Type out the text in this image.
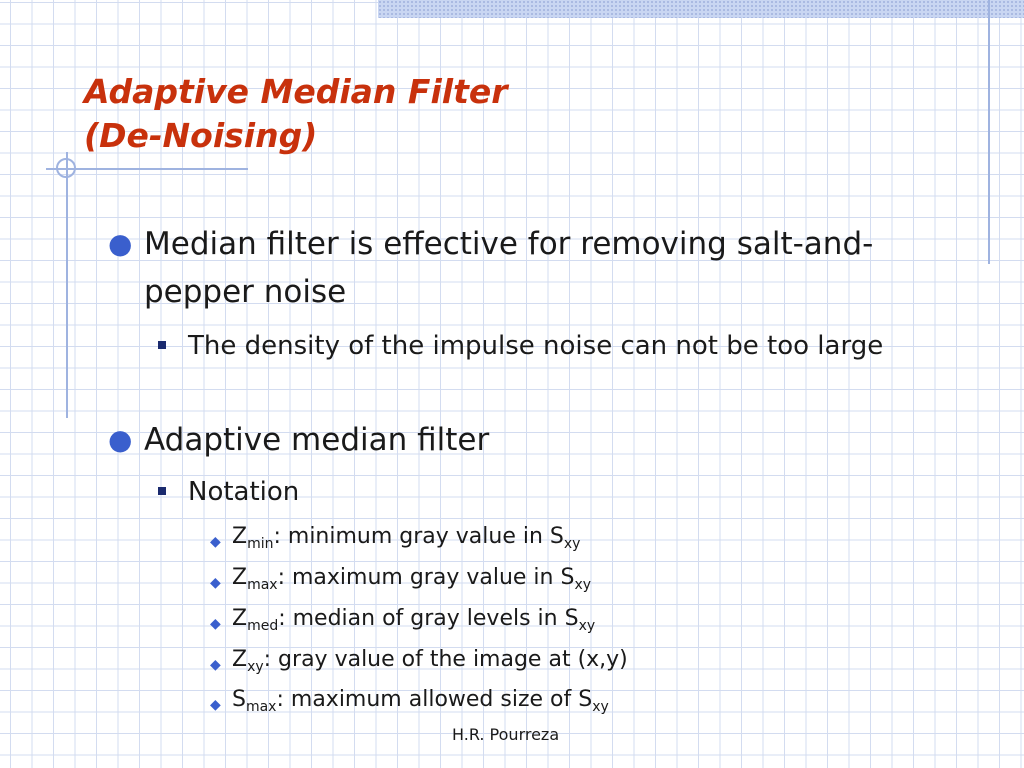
Adaptive Median Filter
(De-Noising)
● Median filter is effective for removing salt-and-pepper noise
The density of the impulse noise can not be too large
● Adaptive median filter
Notation
◆ $Z_{min}$: minimum gray value in $S_{xy}$
◆ $Z_{max}$: maximum gray value in $S_{xy}$
◆ $Z_{med}$: median of gray levels in $S_{xy}$
◆ $Z_{xy}$: gray value of the image at (x,y)
◆ $S_{max}$: maximum allowed size of $S_{xy}$
H.R. Pourreza
